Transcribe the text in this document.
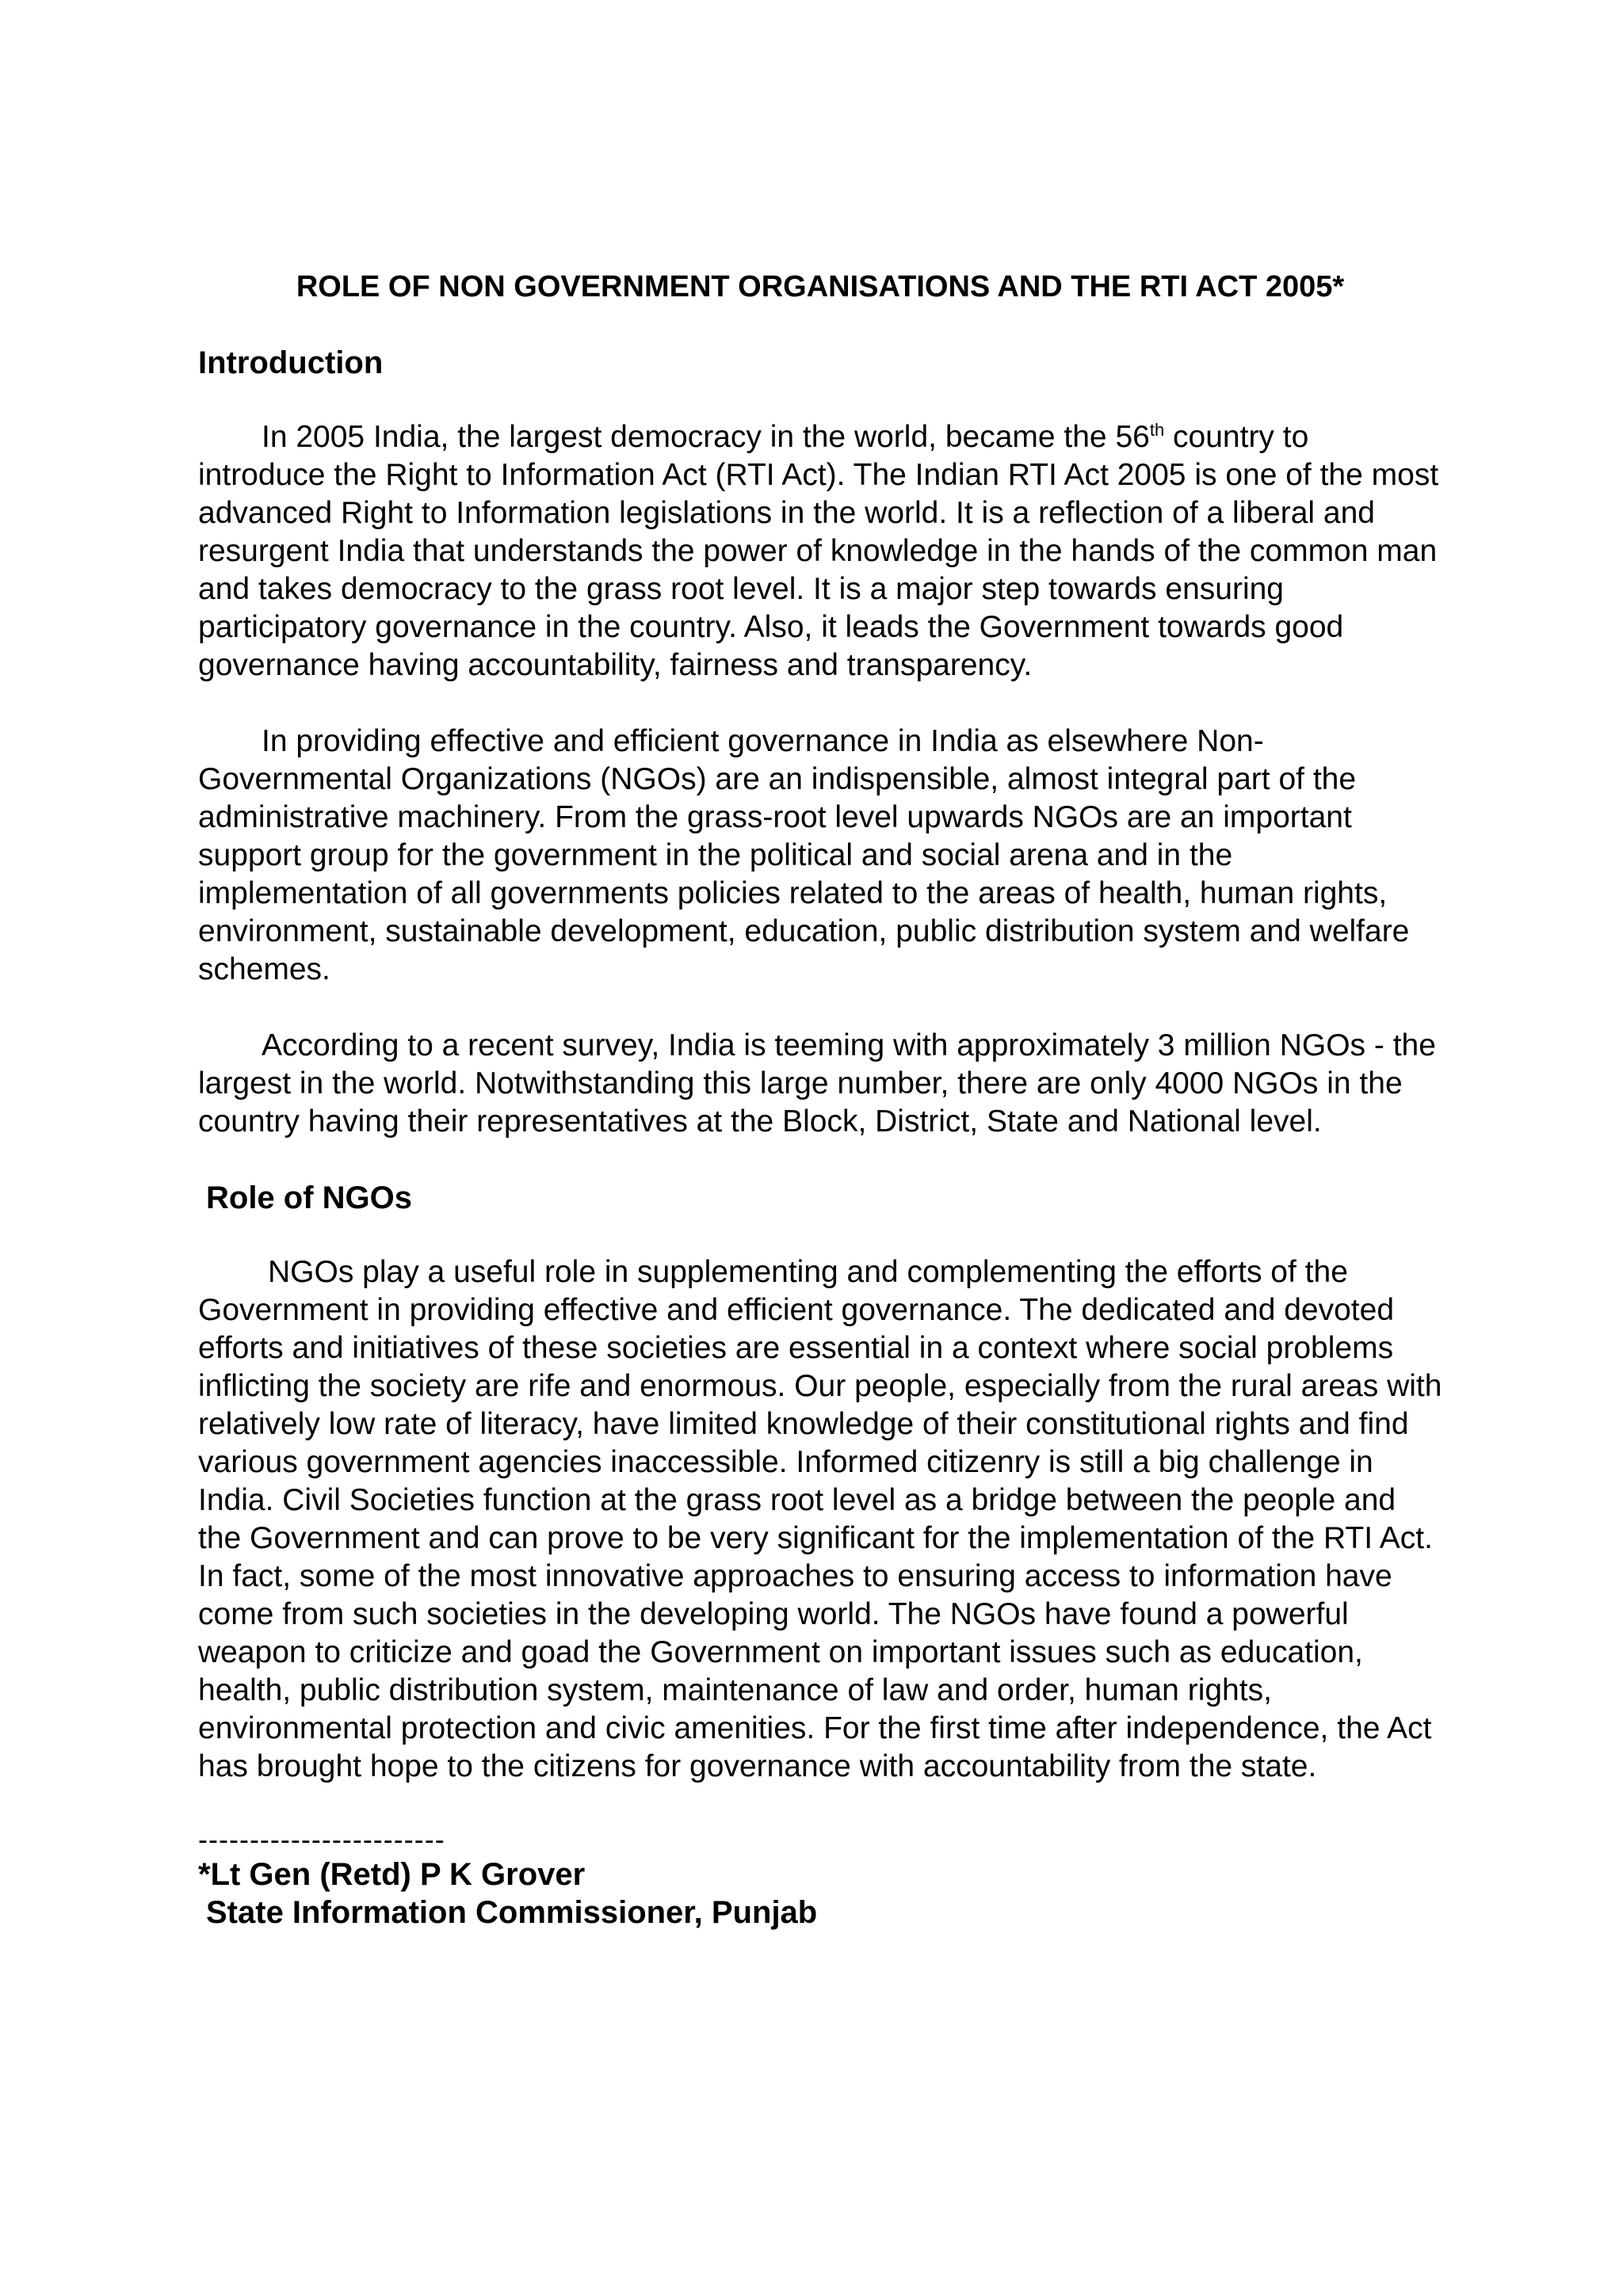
ROLE OF NON GOVERNMENT ORGANISATIONS AND THE RTI ACT 2005*
Introduction

In 2005 India, the largest democracy in the world, became the 56th country to introduce the Right to Information Act (RTI Act). The Indian RTI Act 2005 is one of the most advanced Right to Information legislations in the world. It is a reflection of a liberal and resurgent India that understands the power of knowledge in the hands of the common man and takes democracy to the grass root level. It is a major step towards ensuring participatory governance in the country. Also, it leads the Government towards good governance having accountability, fairness and transparency.

In providing effective and efficient governance in India as elsewhere Non-Governmental Organizations (NGOs) are an indispensible, almost integral part of the administrative machinery. From the grass-root level upwards NGOs are an important support group for the government in the political and social arena and in the implementation of all governments policies related to the areas of health, human rights, environment, sustainable development, education, public distribution system and welfare schemes.

According to a recent survey, India is teeming with approximately 3 million NGOs - the largest in the world. Notwithstanding this large number, there are only 4000 NGOs in the country having their representatives at the Block, District, State and National level.

Role of NGOs

NGOs play a useful role in supplementing and complementing the efforts of the Government in providing effective and efficient governance. The dedicated and devoted efforts and initiatives of these societies are essential in a context where social problems inflicting the society are rife and enormous. Our people, especially from the rural areas with relatively low rate of literacy, have limited knowledge of their constitutional rights and find various government agencies inaccessible. Informed citizenry is still a big challenge in India. Civil Societies function at the grass root level as a bridge between the people and the Government and can prove to be very significant for the implementation of the RTI Act. In fact, some of the most innovative approaches to ensuring access to information have come from such societies in the developing world. The NGOs have found a powerful weapon to criticize and goad the Government on important issues such as education, health, public distribution system, maintenance of law and order, human rights, environmental protection and civic amenities. For the first time after independence, the Act has brought hope to the citizens for governance with accountability from the state.

------------------------
*Lt Gen (Retd) P K Grover
State Information Commissioner, Punjab
